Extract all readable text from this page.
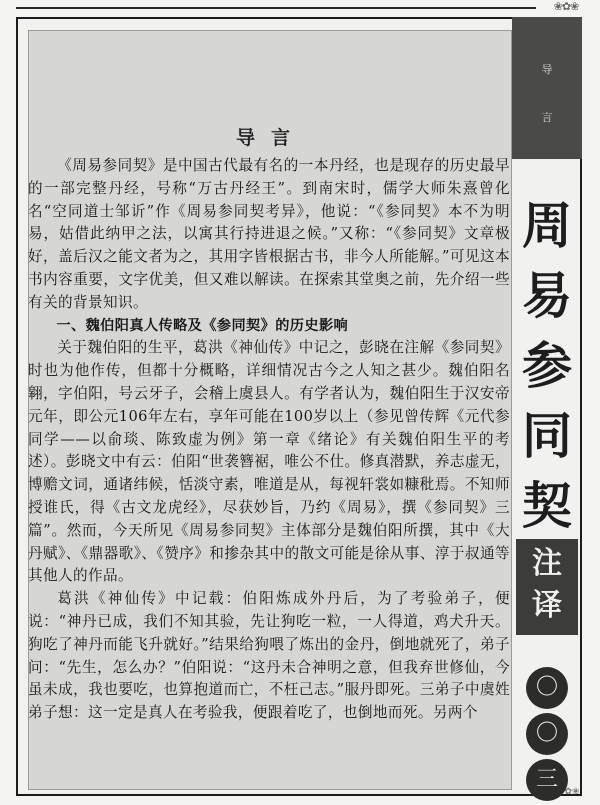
❀✿❀
导言

《周易参同契》是中国古代最有名的一本丹经，也是现存的历史最早的一部完整丹经，号称“万古丹经王”。到南宋时，儒学大师朱熹曾化名“空同道士邹䜣”作《周易参同契考异》，他说：“《参同契》本不为明易，姑借此纳甲之法，以寓其行持进退之候。”又称：“《参同契》文章极好，盖后汉之能文者为之，其用字皆根据古书，非今人所能解。”可见这本书内容重要，文字优美，但又难以解读。在探索其堂奥之前，先介绍一些有关的背景知识。

一、魏伯阳真人传略及《参同契》的历史影响

关于魏伯阳的生平，葛洪《神仙传》中记之，彭晓在注解《参同契》时也为他作传，但都十分概略，详细情况古今之人知之甚少。魏伯阳名翱，字伯阳，号云牙子，会稽上虞县人。有学者认为，魏伯阳生于汉安帝元年，即公元106年左右，享年可能在100岁以上（参见曾传辉《元代参同学——以俞琰、陈致虚为例》第一章《绪论》有关魏伯阳生平的考述）。彭晓文中有云：伯阳“世袭簪裾，唯公不仕。修真潜默，养志虚无，博赡文词，通诸纬候，恬淡守素，唯道是从，每视轩裳如糠秕焉。不知师授谁氏，得《古文龙虎经》，尽获妙旨，乃约《周易》，撰《参同契》三篇”。然而，今天所见《周易参同契》主体部分是魏伯阳所撰，其中《大丹赋》、《鼎器歌》、《赞序》和掺杂其中的散文可能是徐从事、淳于叔通等其他人的作品。

葛洪《神仙传》中记载：伯阳炼成外丹后，为了考验弟子，便说：“神丹已成，我们不知其验，先让狗吃一粒，一人得道，鸡犬升天。狗吃了神丹而能飞升就好。”结果给狗喂了炼出的金丹，倒地就死了，弟子问：“先生，怎么办？”伯阳说：“这丹未合神明之意，但我弃世修仙，今虽未成，我也要吃，也算抱道而亡，不枉己志。”服丹即死。三弟子中虞姓弟子想：这一定是真人在考验我，便跟着吃了，也倒地而死。另两个

导
言
周
易
参
同
契
注
译
〇
〇
三 ✿❀
